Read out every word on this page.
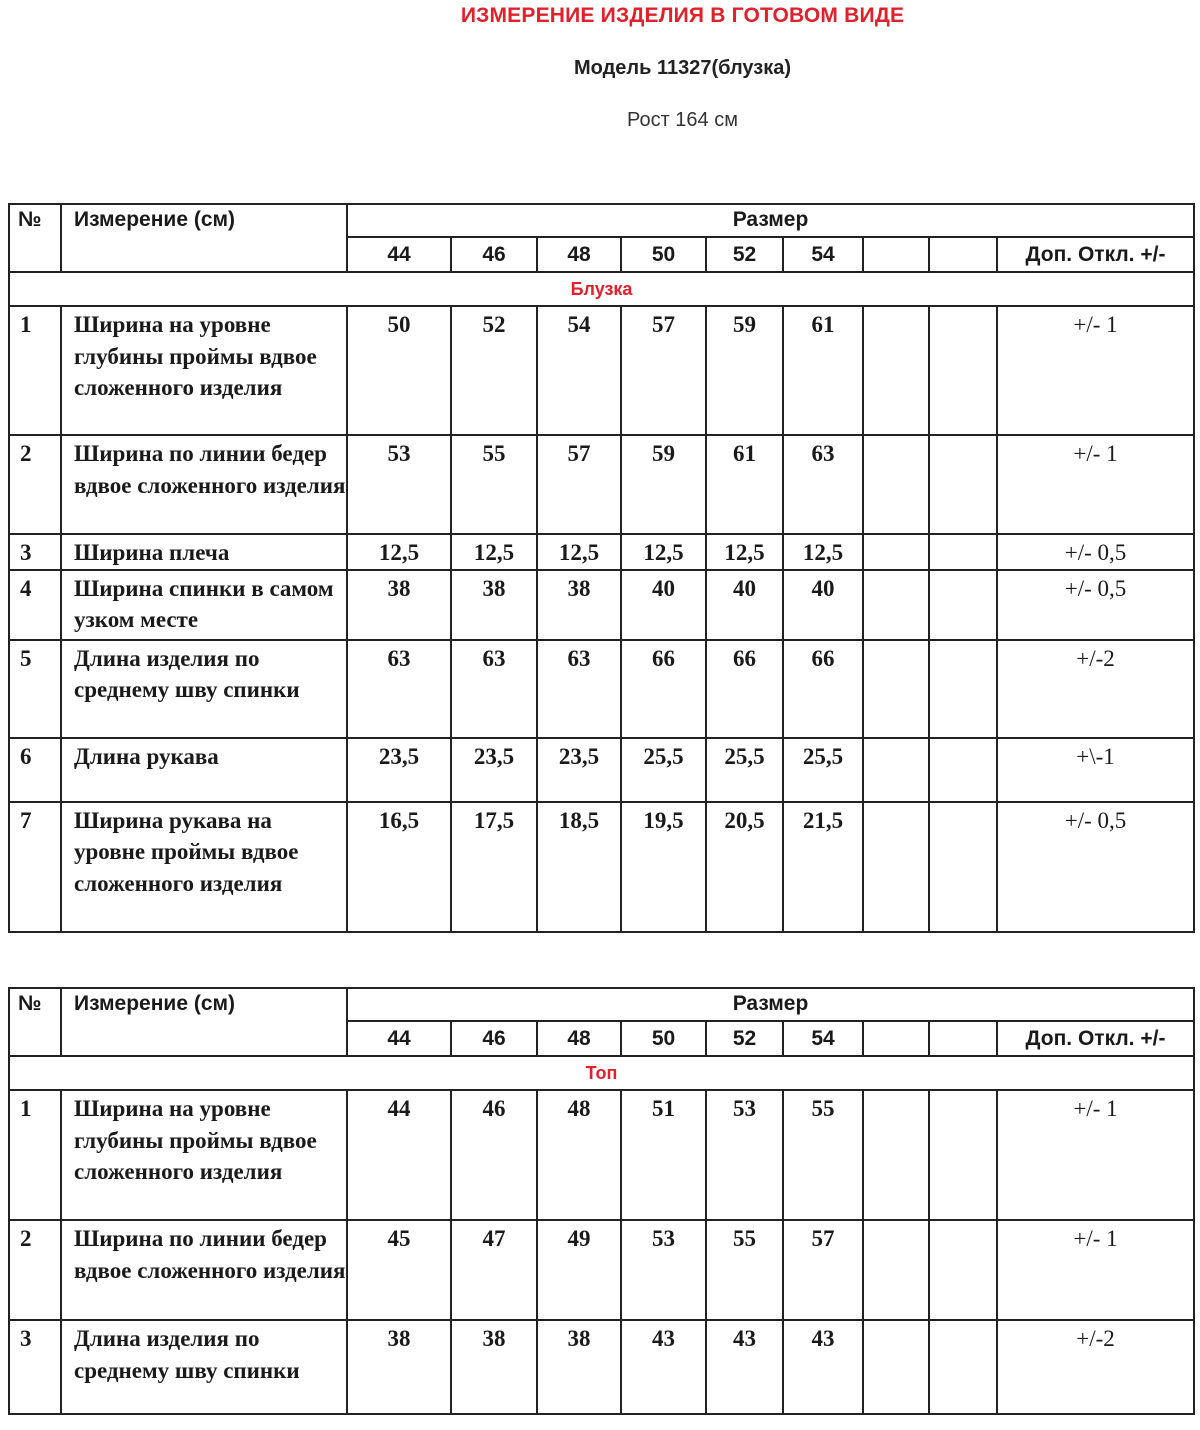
ИЗМЕРЕНИЕ ИЗДЕЛИЯ В ГОТОВОМ ВИДЕ
Модель 11327(блузка)
Рост 164 см
№	Измерение (см)	Размер								
		44	46	48	50	52	54			Доп. Откл. +/-
Блузка										
1	Ширина на уровне глубины проймы вдвое сложенного изделия	50	52	54	57	59	61			+/- 1
2	Ширина по линии бедер вдвое сложенного изделия	53	55	57	59	61	63			+/- 1
3	Ширина плеча	12,5	12,5	12,5	12,5	12,5	12,5			+/- 0,5
4	Ширина спинки в самом узком месте	38	38	38	40	40	40			+/- 0,5
5	Длина изделия по среднему шву спинки	63	63	63	66	66	66			+/-2
6	Длина рукава	23,5	23,5	23,5	25,5	25,5	25,5			+\-1
7	Ширина рукава на уровне проймы вдвое сложенного изделия	16,5	17,5	18,5	19,5	20,5	21,5			+/- 0,5
№	Измерение (см)	Размер								
		44	46	48	50	52	54			Доп. Откл. +/-
Топ										
1	Ширина на уровне глубины проймы вдвое сложенного изделия	44	46	48	51	53	55			+/- 1
2	Ширина по линии бедер вдвое сложенного изделия	45	47	49	53	55	57			+/- 1
3	Длина изделия по среднему шву спинки	38	38	38	43	43	43			+/-2
